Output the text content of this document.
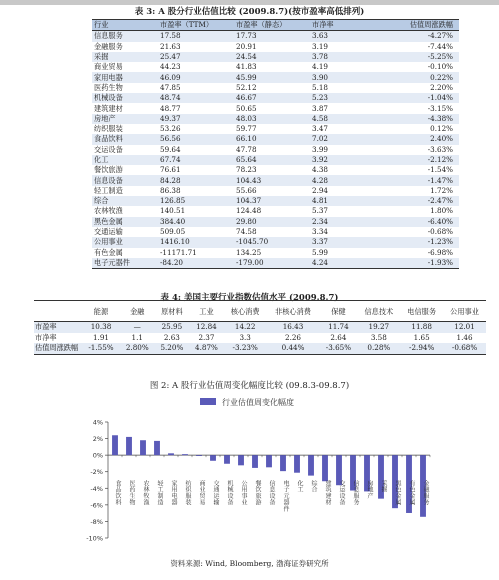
表 3: A 股分行业估值比较 (2009.8.7)(按市盈率高低排列)
行业	市盈率（TTM）	市盈率（静态）	市净率	估值周涨跌幅
信息服务	17.58	17.73	3.63	-4.27%
金融服务	21.63	20.91	3.19	-7.44%
采掘	25.47	24.54	3.78	-5.25%
商业贸易	44.23	41.83	4.19	-0.10%
家用电器	46.09	45.99	3.90	0.22%
医药生物	47.85	52.12	5.18	2.20%
机械设备	48.74	46.67	5.23	-1.04%
建筑建材	48.77	50.65	3.87	-3.15%
房地产	49.37	48.03	4.58	-4.38%
纺织服装	53.26	59.77	3.47	0.12%
食品饮料	56.56	66.10	7.02	2.40%
交运设备	59.64	47.78	3.99	-3.63%
化工	67.74	65.64	3.92	-2.12%
餐饮旅游	76.61	78.23	4.38	-1.54%
信息设备	84.28	104.43	4.28	-1.47%
轻工制造	86.38	55.66	2.94	1.72%
综合	126.85	104.37	4.81	-2.47%
农林牧渔	140.51	124.48	5.37	1.80%
黑色金属	384.40	29.80	2.34	-6.40%
交通运输	509.05	74.58	3.34	-0.68%
公用事业	1416.10	-1045.70	3.37	-1.23%
有色金属	-11171.71	134.25	5.99	-6.98%
电子元器件	-84.20	-179.00	4.24	-1.93%
表 4: 美国主要行业指数估值水平 (2009.8.7)
	能源	金融	原材料	工业	核心消费	非核心消费	保健	信息技术	电信服务	公用事业
市盈率	10.38	—	25.95	12.84	14.22	16.43	11.74	19.27	11.88	12.01
市净率	1.91	1.1	2.63	2.37	3.3	2.26	2.64	3.58	1.65	1.46
估值周涨跌幅	-1.55%	2.80%	5.20%	4.87%	-3.23%	0.44%	-3.65%	0.28%	-2.94%	-0.68%
图 2: A 股行业估值周变化幅度比较 (09.8.3-09.8.7)
行业估值周变化幅度
4%
2%
0%
-2%
-4%
-6%
-8%
-10%
食品饮料 医药生物 农林牧渔 轻工制造 家用电器 纺织服装 商业贸易 交通运输 机械设备 公用事业 餐饮旅游 信息设备 电子元器件 化工 综合 建筑建材 交运设备 信息服务 房地产 采掘 黑色金属 有色金属 金融服务
资料来源: Wind, Bloomberg, 渤海证券研究所
